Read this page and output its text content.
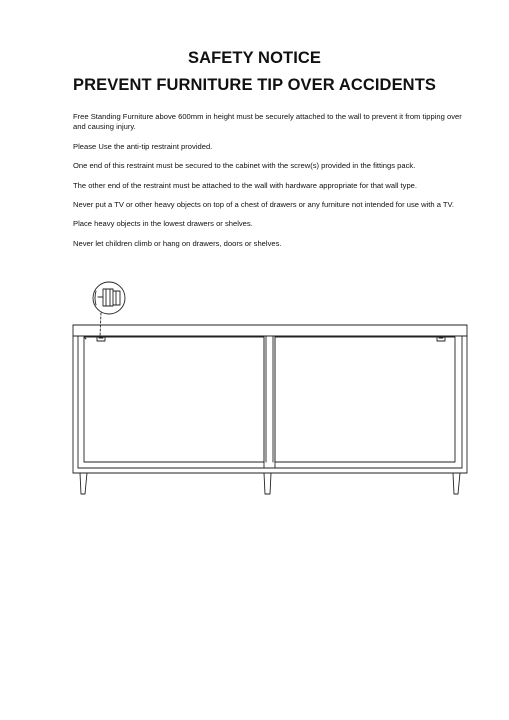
SAFETY NOTICE
PREVENT FURNITURE TIP OVER ACCIDENTS

Free Standing Furniture above 600mm in height must be securely attached to the wall to prevent it from tipping over and causing injury.

Please Use the anti-tip restraint provided.

One end of this restraint must be secured to the cabinet with the screw(s) provided in the fittings pack.

The other end of the restraint must be attached to the wall with hardware appropriate for that wall type.

Never put a TV or other heavy objects on top of a chest of drawers or any furniture not intended for use with a TV.

Place heavy objects in the lowest drawers or shelves.

Never let children climb or hang on drawers, doors or shelves.
